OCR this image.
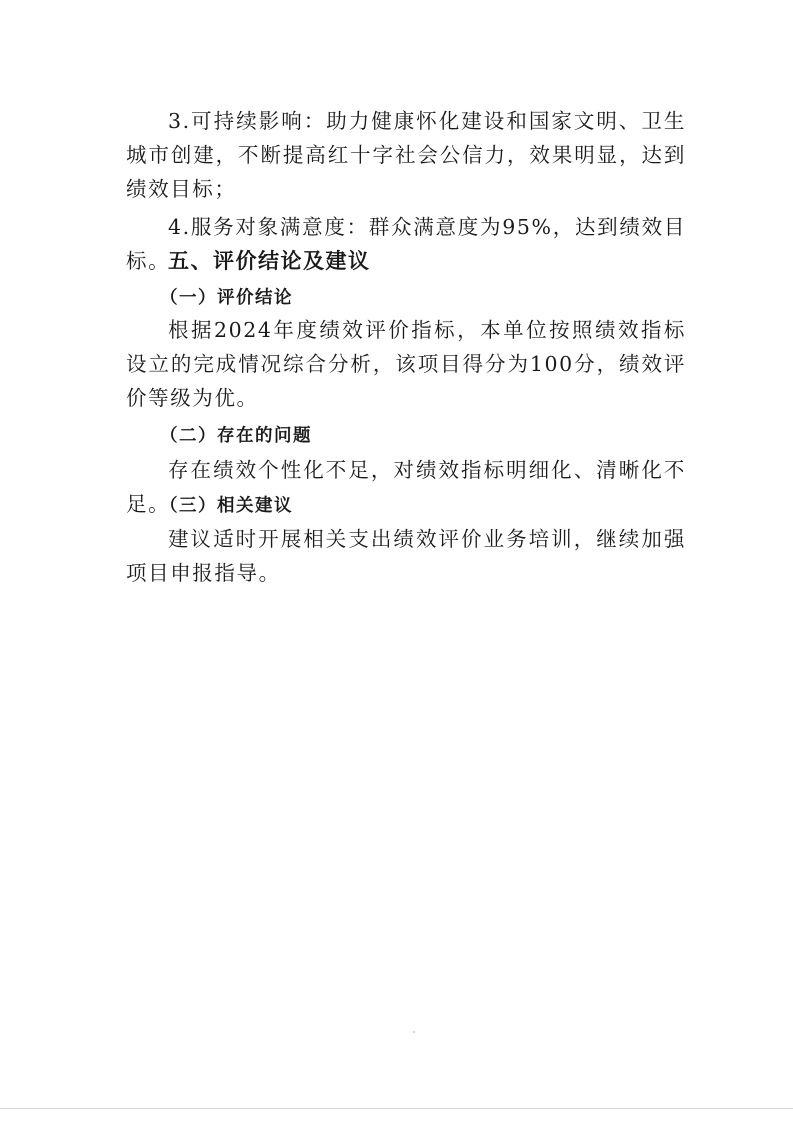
3.可持续影响：助力健康怀化建设和国家文明、卫生城市创建，不断提高红十字社会公信力，效果明显，达到绩效目标；

4.服务对象满意度：群众满意度为95%，达到绩效目标。

五、评价结论及建议
（一）评价结论

根据2024年度绩效评价指标，本单位按照绩效指标设立的完成情况综合分析，该项目得分为100分，绩效评价等级为优。

（二）存在的问题

存在绩效个性化不足，对绩效指标明细化、清晰化不足。

（三）相关建议

建议适时开展相关支出绩效评价业务培训，继续加强项目申报指导。
